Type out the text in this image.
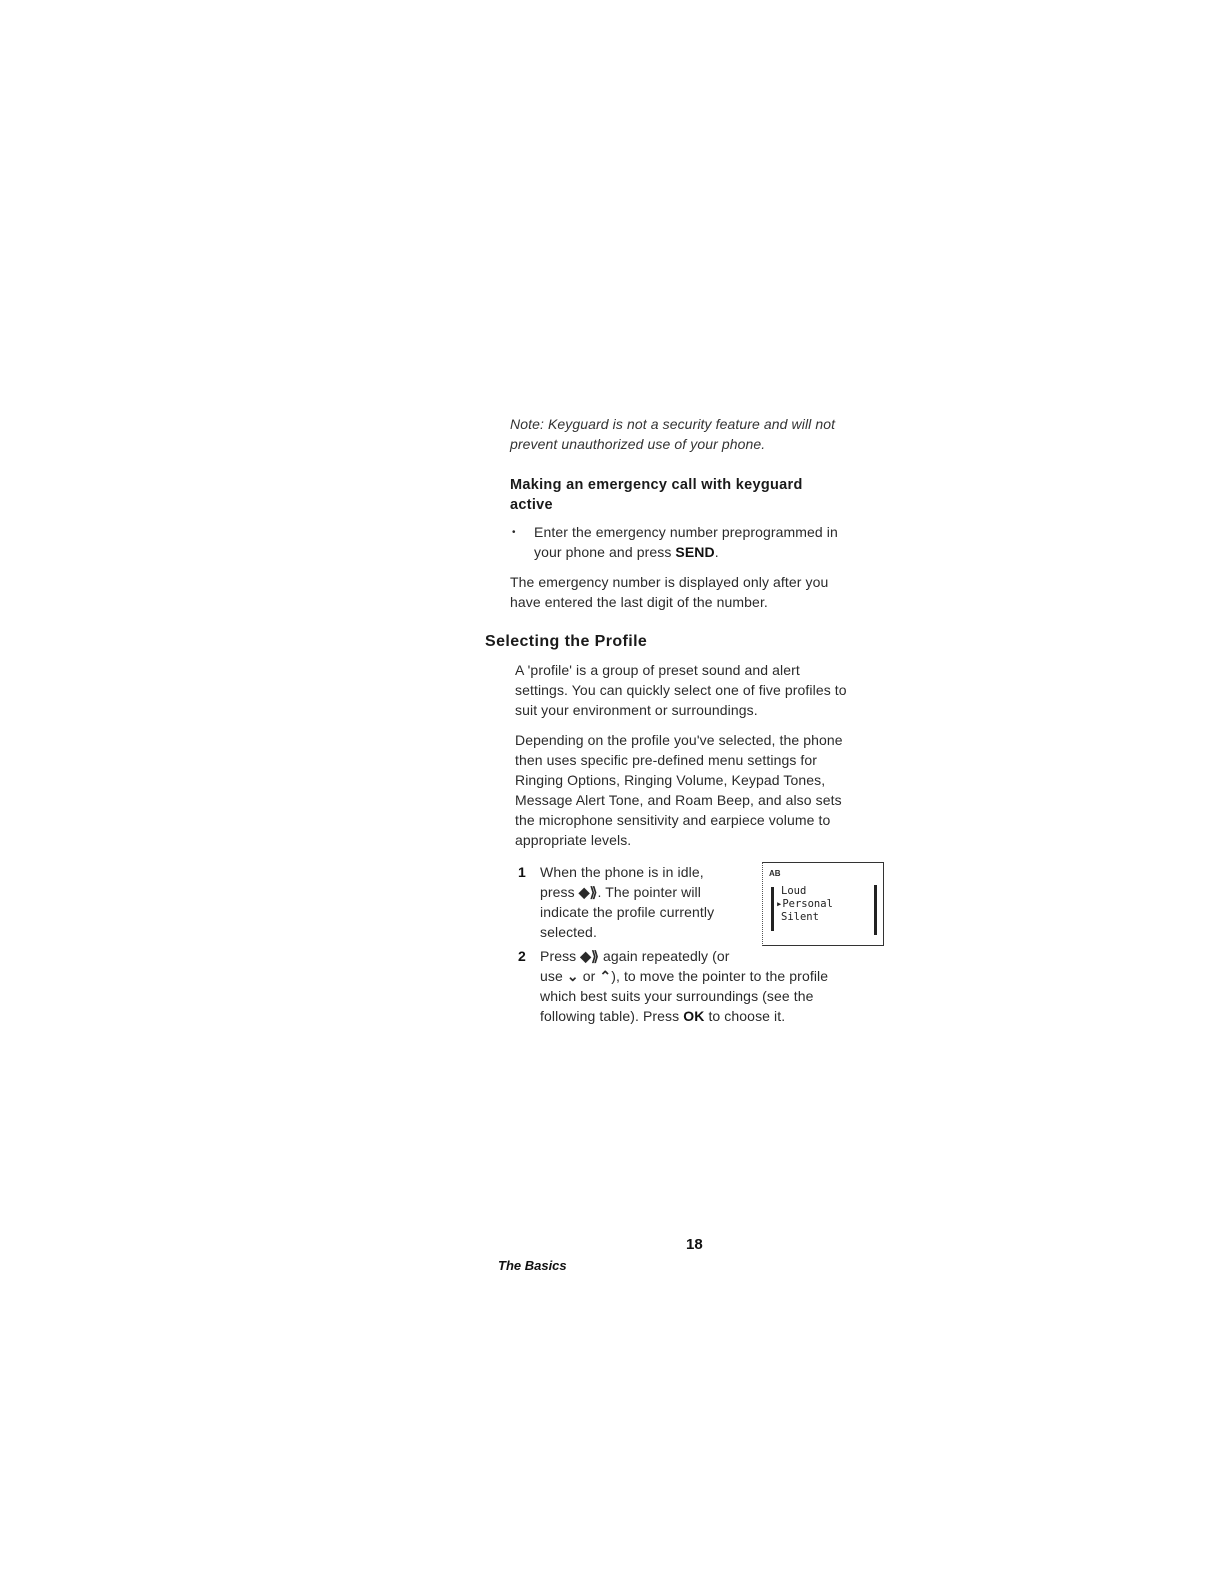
Note: Keyguard is not a security feature and will not
prevent unauthorized use of your phone.
Making an emergency call with keyguard
active
• Enter the emergency number preprogrammed in
your phone and press SEND.
The emergency number is displayed only after you
have entered the last digit of the number.
Selecting the Profile
A 'profile' is a group of preset sound and alert
settings. You can quickly select one of five profiles to
suit your environment or surroundings.
Depending on the profile you've selected, the phone
then uses specific pre-defined menu settings for
Ringing Options, Ringing Volume, Keypad Tones,
Message Alert Tone, and Roam Beep, and also sets
the microphone sensitivity and earpiece volume to
appropriate levels.
1 When the phone is in idle,
press ◆⟫. The pointer will
indicate the profile currently
selected.
AB
Loud
▸Personal
Silent
2 Press ◆⟫ again repeatedly (or
use ⌄ or ⌃), to move the pointer to the profile
which best suits your surroundings (see the
following table). Press OK to choose it.
18
The Basics
